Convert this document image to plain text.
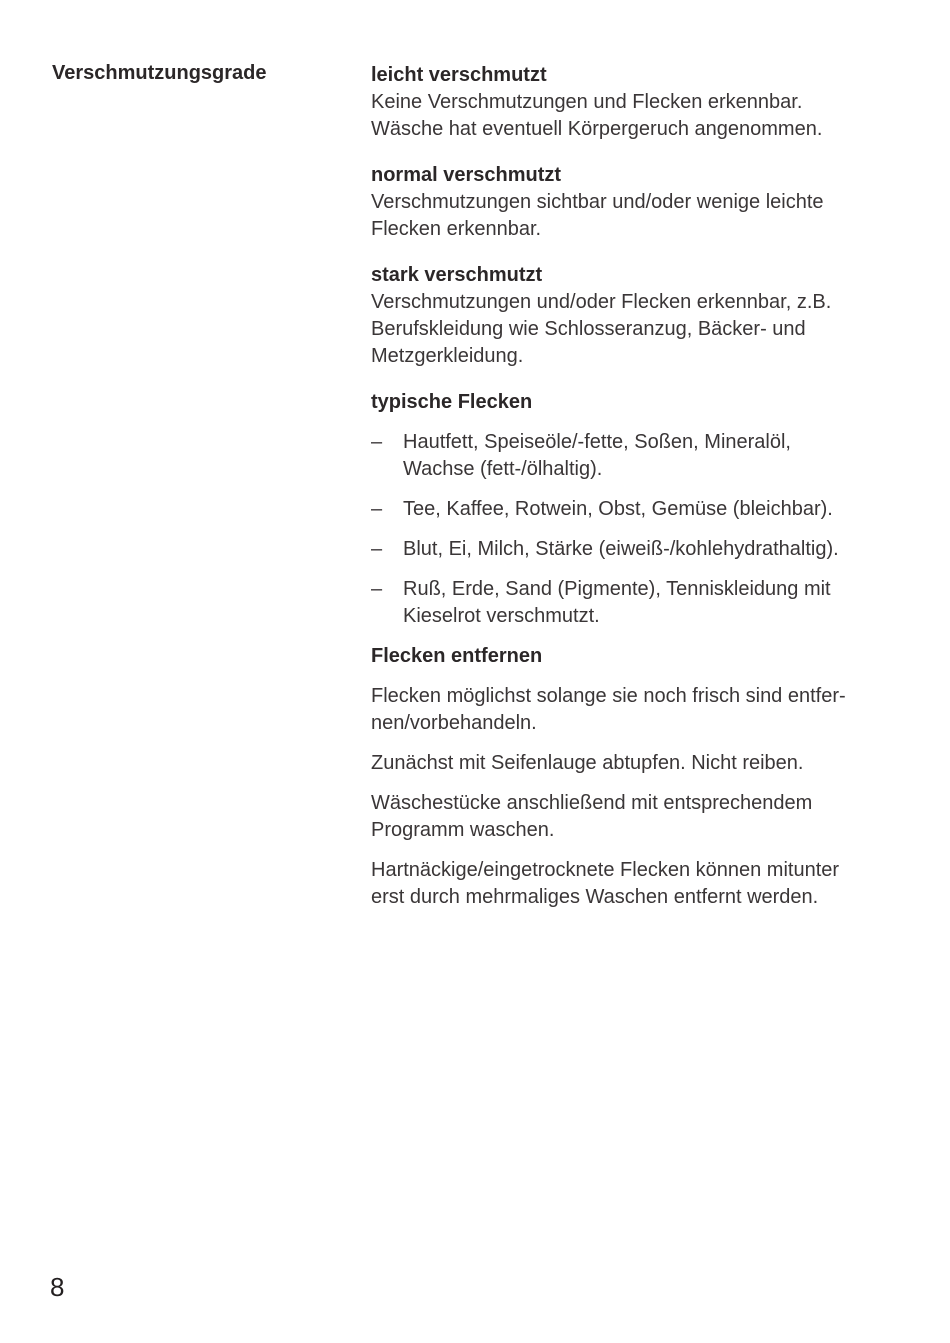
Verschmutzungsgrade	leicht verschmutzt
Keine Verschmutzungen und Flecken erkennbar.
Wäsche hat eventuell Körpergeruch angenommen.
normal verschmutzt
Verschmutzungen sichtbar und/oder wenige leichte
Flecken erkennbar.
stark verschmutzt
Verschmutzungen und/oder Flecken erkennbar, z.B.
Berufskleidung wie Schlosseranzug, Bäcker- und
Metzgerkleidung.
typische Flecken
–	Hautfett, Speiseöle/-fette, Soßen, Mineralöl,
Wachse (fett-/ölhaltig).
–	Tee, Kaffee, Rotwein, Obst, Gemüse (bleichbar).
–	Blut, Ei, Milch, Stärke (eiweiß-/kohlehydrathaltig).
–	Ruß, Erde, Sand (Pigmente), Tenniskleidung mit
Kieselrot verschmutzt.
Flecken entfernen
Flecken möglichst solange sie noch frisch sind entfer-
nen/vorbehandeln.
Zunächst mit Seifenlauge abtupfen. Nicht reiben.
Wäschestücke anschließend mit entsprechendem
Programm waschen.
Hartnäckige/eingetrocknete Flecken können mitunter
erst durch mehrmaliges Waschen entfernt werden.
8
